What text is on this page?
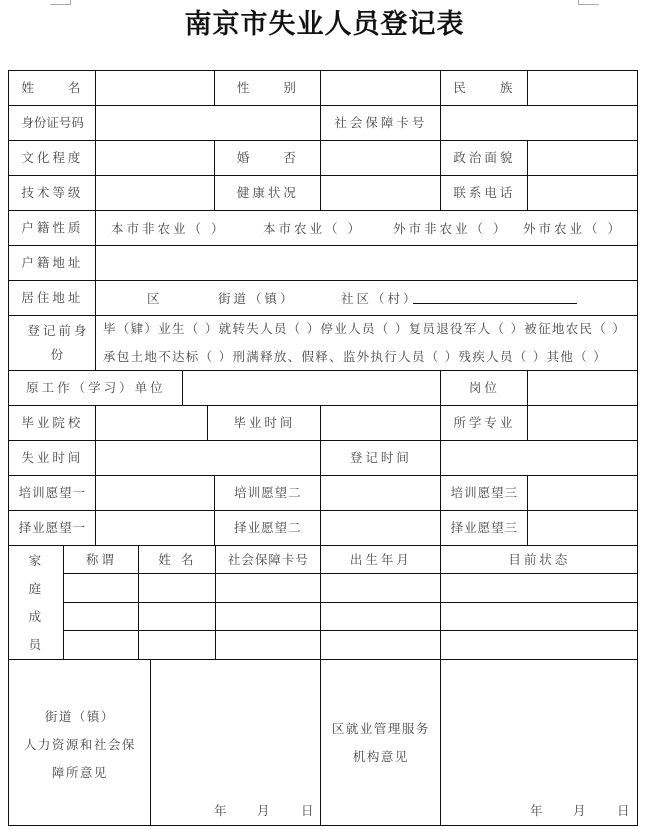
南京市失业人员登记表
姓 名	性 别	民 族
身份证号码	社会保障卡号
文化程度	婚 否	政治面貌
技术等级	健康状况	联系电话
户籍性质	本市非农业（ ）	本市农业（ ） 外市非农业（ ） 外市农业（ ）
户籍地址
居住地址	区	街道（镇）	社区（村）
登记前身份
毕（肄）业生（ ）就转失人员（ ）停业人员（ ）复员退役军人（ ）被征地农民（ ）
承包土地不达标（ ）刑满释放、假释、监外执行人员（ ）残疾人员（ ）其他（ ）
原工作（学习）单位	岗位
毕业院校	毕业时间	所学专业
失业时间	登记时间
培训愿望一	培训愿望二	培训愿望三
择业愿望一	择业愿望二	择业愿望三
家
庭
成
员
称谓	姓 名	社会保障卡号	出生年月	目前状态
街道（镇）
人力资源和社会保
障所意见
年 月 日
区就业管理服务
机构意见
年 月 日
